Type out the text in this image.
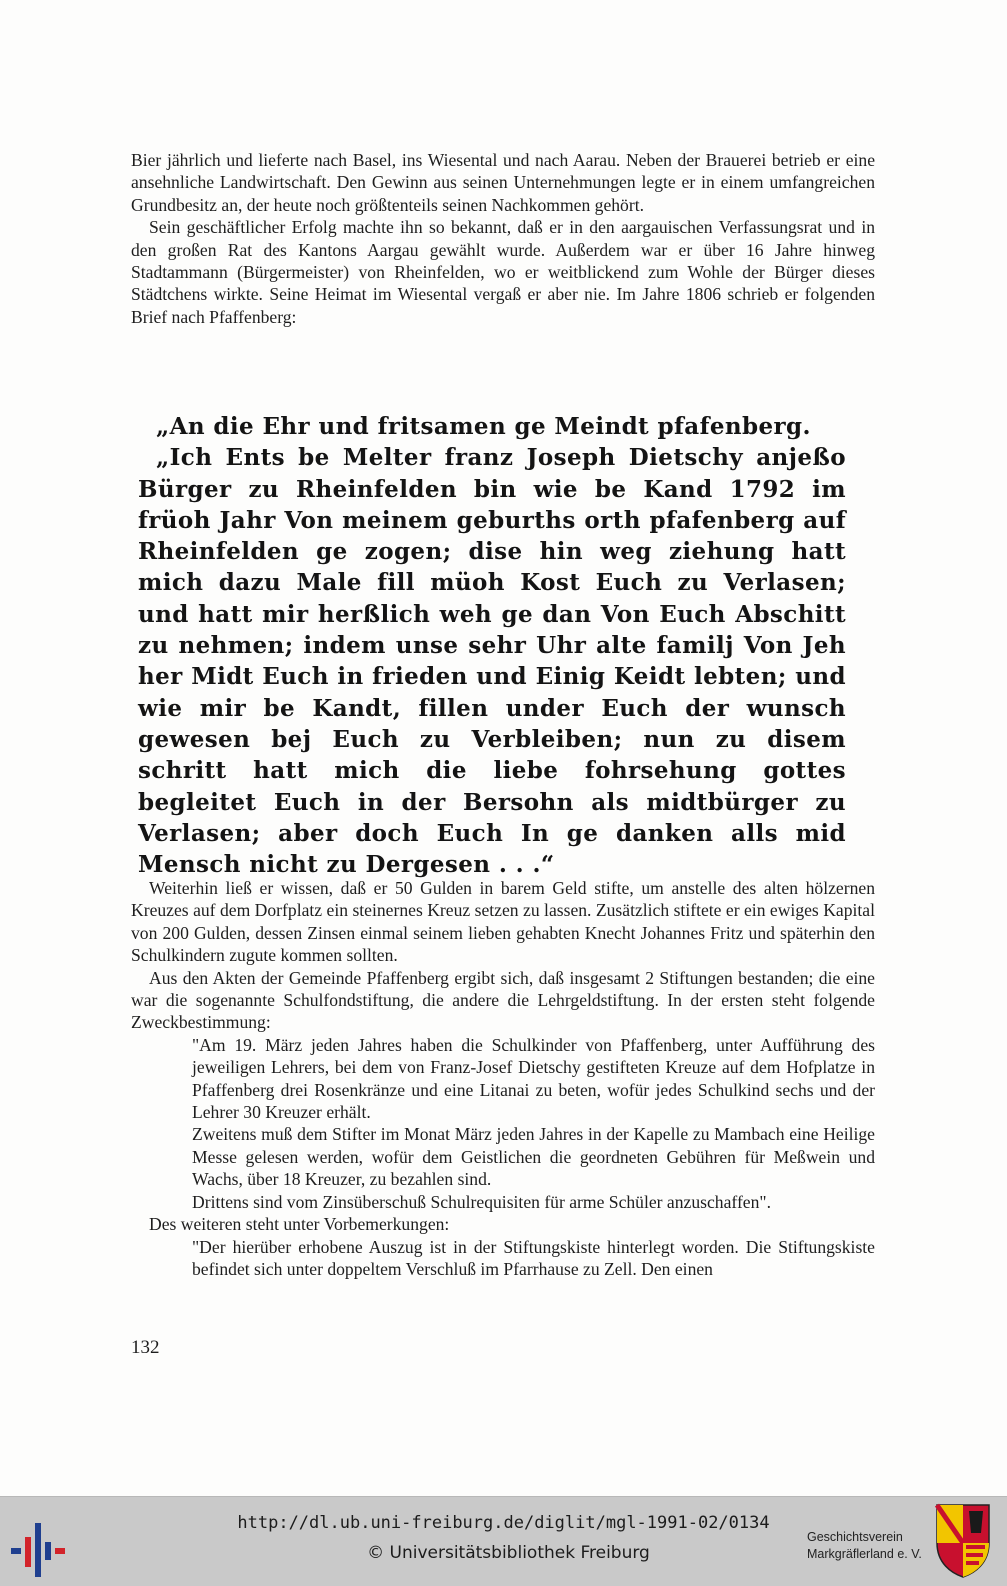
Bier jährlich und lieferte nach Basel, ins Wiesental und nach Aarau. Neben der Brauerei betrieb er eine ansehnliche Landwirtschaft. Den Gewinn aus seinen Unternehmungen legte er in einem umfangreichen Grundbesitz an, der heute noch größtenteils seinen Nachkommen gehört.

Sein geschäftlicher Erfolg machte ihn so bekannt, daß er in den aargauischen Verfassungsrat und in den großen Rat des Kantons Aargau gewählt wurde. Außerdem war er über 16 Jahre hinweg Stadtammann (Bürgermeister) von Rheinfelden, wo er weitblickend zum Wohle der Bürger dieses Städtchens wirkte. Seine Heimat im Wiesental vergaß er aber nie. Im Jahre 1806 schrieb er folgenden Brief nach Pfaffenberg:

„An die Ehr und fritsamen ge Meindt pfafenberg.

„Ich Ents be Melter franz Joseph Dietschy anjeßo Bürger zu Rheinfelden bin wie be Kand 1792 im früoh Jahr Von meinem geburths orth pfafenberg auf Rheinfelden ge zogen; dise hin weg ziehung hatt mich dazu Male fill müoh Kost Euch zu Verlasen; und hatt mir herßlich weh ge dan Von Euch Abschitt zu nehmen; indem unse sehr Uhr alte familj Von Jeh her Midt Euch in frieden und Einig Keidt lebten; und wie mir be Kandt, fillen under Euch der wunsch gewesen bej Euch zu Verbleiben; nun zu disem schritt hatt mich die liebe fohrsehung gottes begleitet Euch in der Bersohn als midtbürger zu Verlasen; aber doch Euch In ge danken alls mid Mensch nicht zu Dergesen . . .“

Weiterhin ließ er wissen, daß er 50 Gulden in barem Geld stifte, um anstelle des alten hölzernen Kreuzes auf dem Dorfplatz ein steinernes Kreuz setzen zu lassen. Zusätzlich stiftete er ein ewiges Kapital von 200 Gulden, dessen Zinsen einmal seinem lieben gehabten Knecht Johannes Fritz und späterhin den Schulkindern zugute kommen sollten.

Aus den Akten der Gemeinde Pfaffenberg ergibt sich, daß insgesamt 2 Stiftungen bestanden; die eine war die sogenannte Schulfondstiftung, die andere die Lehrgeldstiftung. In der ersten steht folgende Zweckbestimmung:

"Am 19. März jeden Jahres haben die Schulkinder von Pfaffenberg, unter Aufführung des jeweiligen Lehrers, bei dem von Franz-Josef Dietschy gestifteten Kreuze auf dem Hofplatze in Pfaffenberg drei Rosenkränze und eine Litanai zu beten, wofür jedes Schulkind sechs und der Lehrer 30 Kreuzer erhält.

Zweitens muß dem Stifter im Monat März jeden Jahres in der Kapelle zu Mambach eine Heilige Messe gelesen werden, wofür dem Geistlichen die geordneten Gebühren für Meßwein und Wachs, über 18 Kreuzer, zu bezahlen sind.

Drittens sind vom Zinsüberschuß Schulrequisiten für arme Schüler anzuschaffen".

Des weiteren steht unter Vorbemerkungen:

"Der hierüber erhobene Auszug ist in der Stiftungskiste hinterlegt worden. Die Stiftungskiste befindet sich unter doppeltem Verschluß im Pfarrhause zu Zell. Den einen

132
http://dl.ub.uni-freiburg.de/diglit/mgl-1991-02/0134
© Universitätsbibliothek Freiburg
Geschichtsverein
Markgräflerland e. V.
